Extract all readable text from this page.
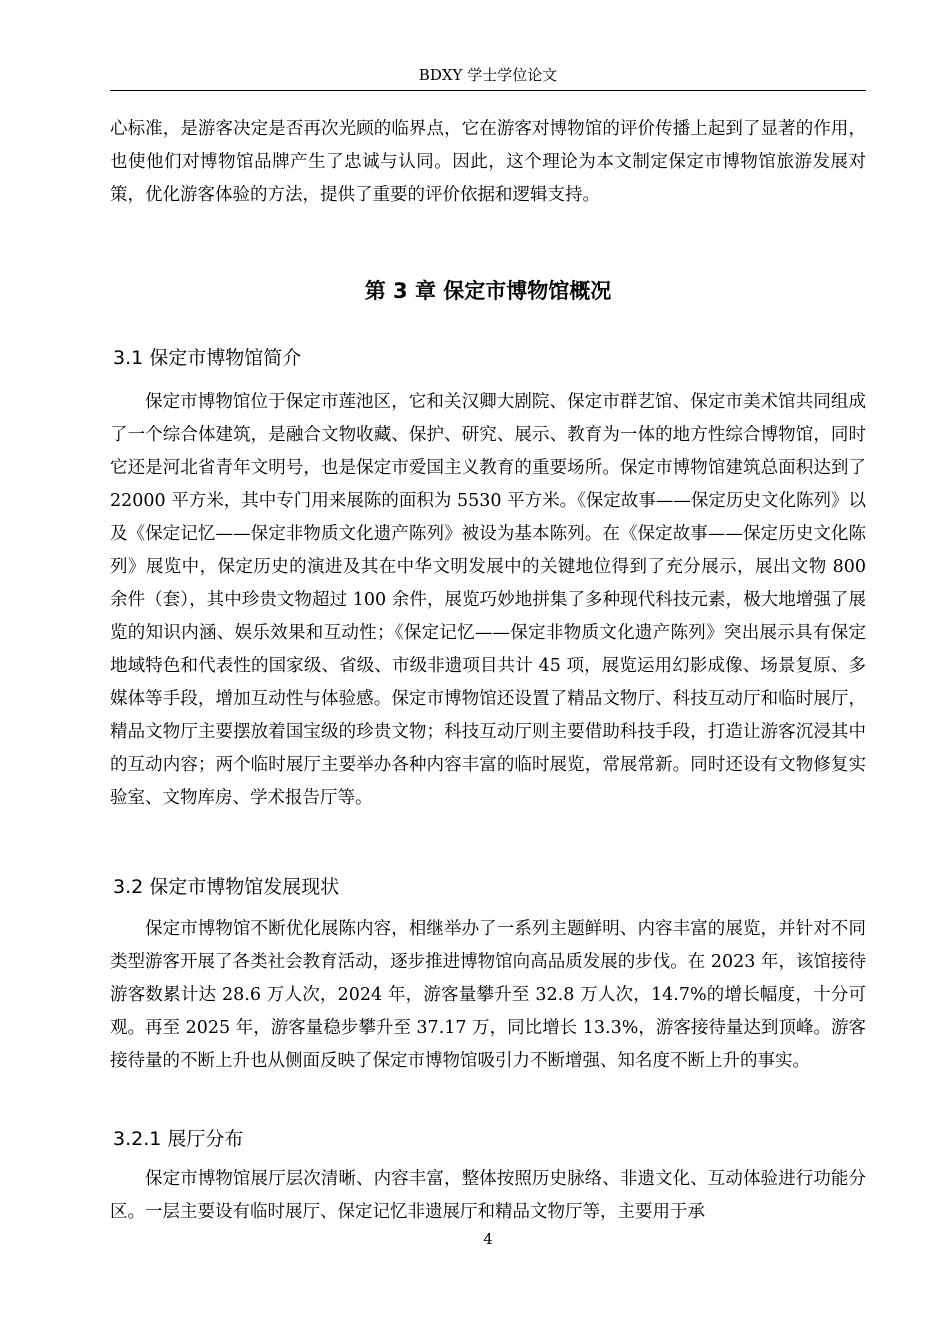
BDXY 学士学位论文

心标准，是游客决定是否再次光顾的临界点，它在游客对博物馆的评价传播上起到了显著的作用，也使他们对博物馆品牌产生了忠诚与认同。因此，这个理论为本文制定保定市博物馆旅游发展对策，优化游客体验的方法，提供了重要的评价依据和逻辑支持。

第 3 章 保定市博物馆概况
3.1 保定市博物馆简介

保定市博物馆位于保定市莲池区，它和关汉卿大剧院、保定市群艺馆、保定市美术馆共同组成了一个综合体建筑，是融合文物收藏、保护、研究、展示、教育为一体的地方性综合博物馆，同时它还是河北省青年文明号，也是保定市爱国主义教育的重要场所。保定市博物馆建筑总面积达到了 22000 平方米，其中专门用来展陈的面积为 5530 平方米。《保定故事——保定历史文化陈列》以及《保定记忆——保定非物质文化遗产陈列》被设为基本陈列。在《保定故事——保定历史文化陈列》展览中，保定历史的演进及其在中华文明发展中的关键地位得到了充分展示，展出文物 800 余件（套），其中珍贵文物超过 100 余件，展览巧妙地拼集了多种现代科技元素，极大地增强了展览的知识内涵、娱乐效果和互动性；《保定记忆——保定非物质文化遗产陈列》突出展示具有保定地域特色和代表性的国家级、省级、市级非遗项目共计 45 项，展览运用幻影成像、场景复原、多媒体等手段，增加互动性与体验感。保定市博物馆还设置了精品文物厅、科技互动厅和临时展厅，精品文物厅主要摆放着国宝级的珍贵文物；科技互动厅则主要借助科技手段，打造让游客沉浸其中的互动内容；两个临时展厅主要举办各种内容丰富的临时展览，常展常新。同时还设有文物修复实验室、文物库房、学术报告厅等。

3.2 保定市博物馆发展现状

保定市博物馆不断优化展陈内容，相继举办了一系列主题鲜明、内容丰富的展览，并针对不同类型游客开展了各类社会教育活动，逐步推进博物馆向高品质发展的步伐。在 2023 年，该馆接待游客数累计达 28.6 万人次，2024 年，游客量攀升至 32.8 万人次，14.7%的增长幅度，十分可观。再至 2025 年，游客量稳步攀升至 37.17 万，同比增长 13.3%，游客接待量达到顶峰。游客接待量的不断上升也从侧面反映了保定市博物馆吸引力不断增强、知名度不断上升的事实。

3.2.1 展厅分布

保定市博物馆展厅层次清晰、内容丰富，整体按照历史脉络、非遗文化、互动体验进行功能分区。一层主要设有临时展厅、保定记忆非遗展厅和精品文物厅等，主要用于承

4
